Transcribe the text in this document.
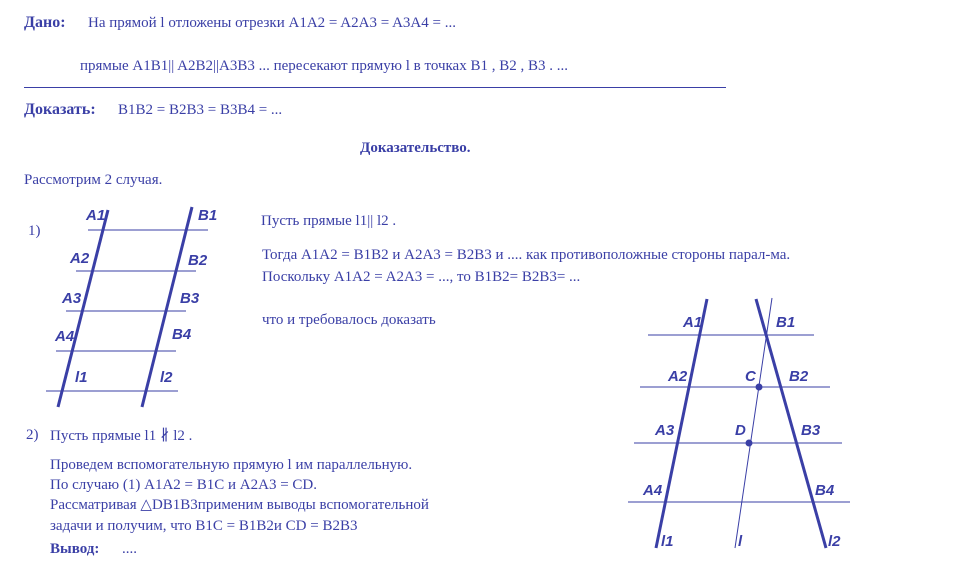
Дано: На прямой l отложены отрезки A1A2 = A2A3 = A3A4 = ...
прямые A1B1|| A2B2||A3B3 ... пересекают прямую l в точках B1 , B2 , B3 . ...
Доказать: B1B2 = B2B3 = B3B4 = ...
Доказательство.
Рассмотрим 2 случая.
1)
Пусть прямые l1|| l2 .
Тогда A1A2 = B1B2 и A2A3 = B2B3 и .... как противоположные стороны парал-ма.
Поскольку A1A2 = A2A3 = ..., то B1B2= B2B3= ...
что и требовалось доказать
2) Пусть прямые l1 ∦ l2 .
Проведем вспомогательную прямую l им параллельную.
По случаю (1) A1A2 = B1C и A2A3 = CD.
Рассматривая △DB1B3применим выводы вспомогательной
задачи и получим, что B1C = B1B2и CD = B2B3
Вывод: ....
A1	B1
A2	B2
A3	B3
A4	B4
l1	l2
A1	B1
A2	C B2
A3	D	B3
A4	B4
l1	l	l2
